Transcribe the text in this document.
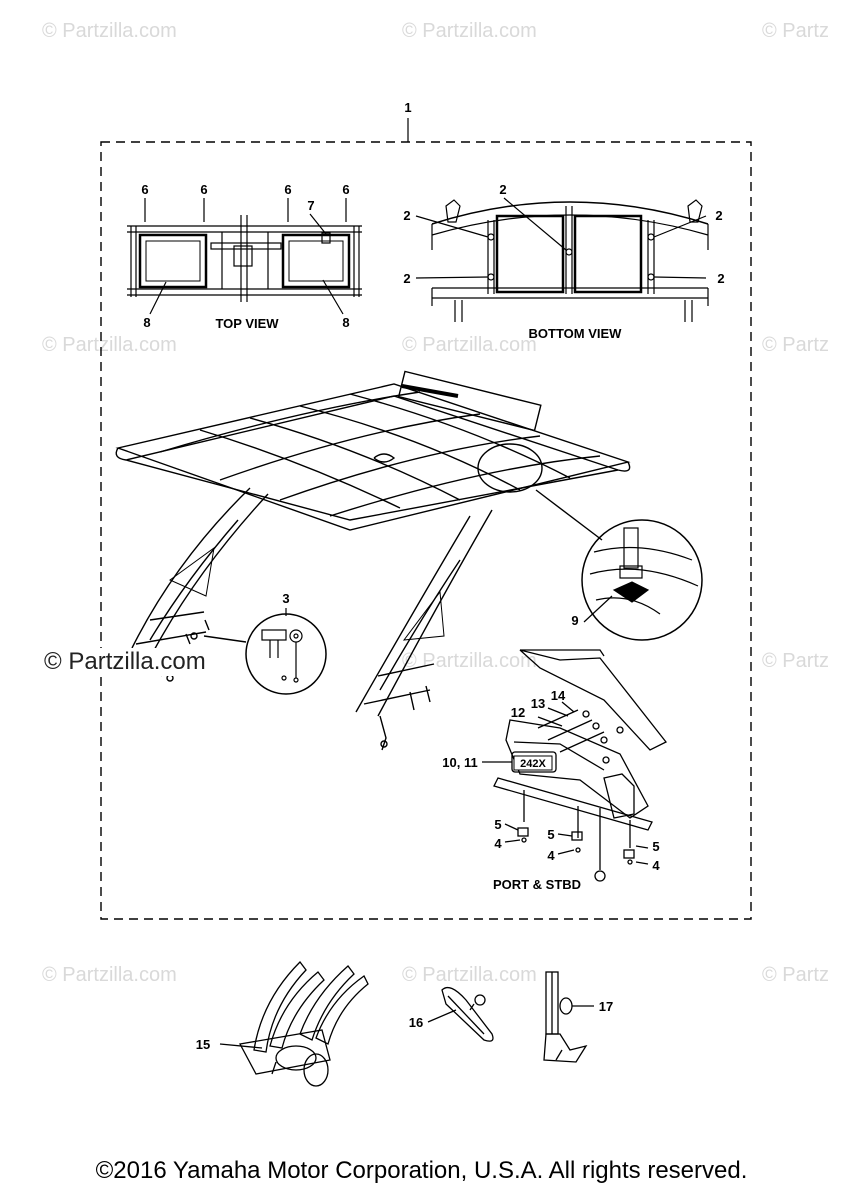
© Partzilla.com	© Partzilla.com	© Partz
© Partzilla.com	© Partzilla.com	© Partz
© Partzilla.com	© Partz
© Partzilla.com	© Partzilla.com	© Partz
242X
1
6	6	6	6
7
8	8
TOP VIEW
2
2
2
2
2
BOTTOM VIEW
3
9
10, 11
12
13
14
5
4
5
4
5
4
PORT & STBD
15
16
17
© Partzilla.com
©2016 Yamaha Motor Corporation, U.S.A. All rights reserved.
